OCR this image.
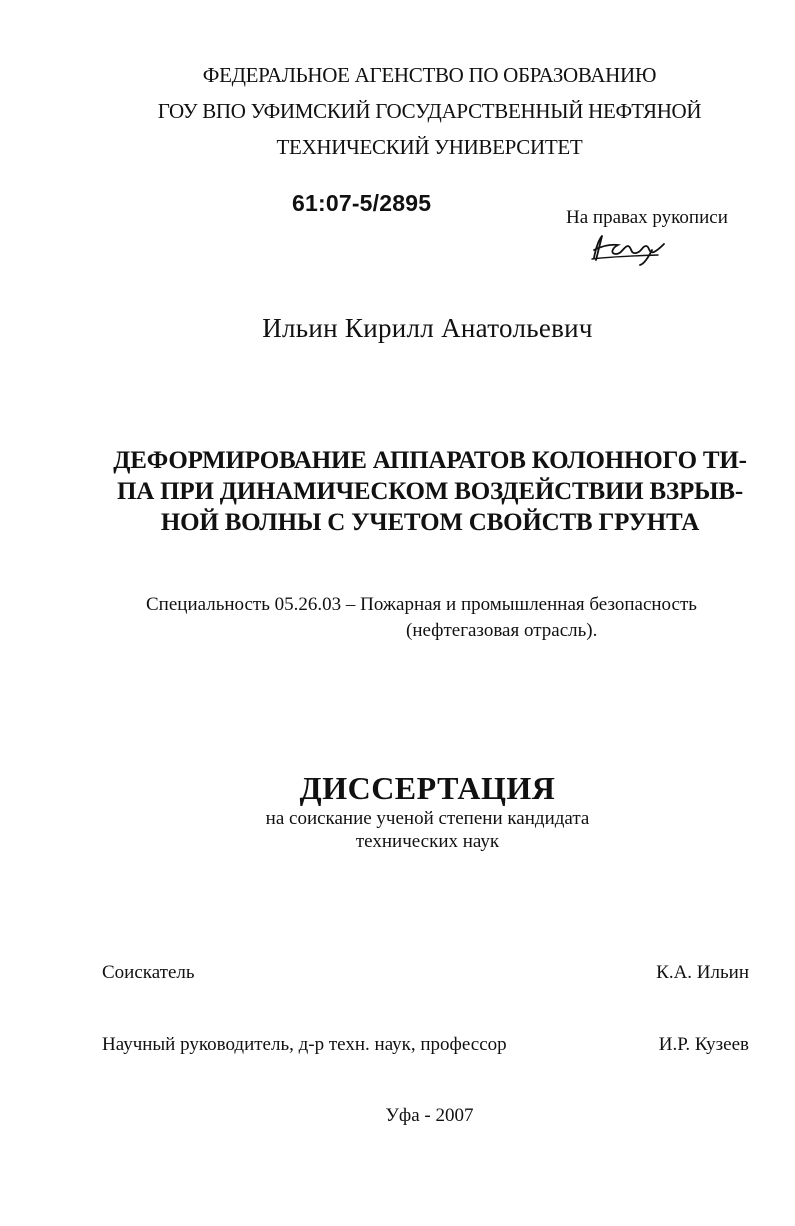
ФЕДЕРАЛЬНОЕ АГЕНСТВО ПО ОБРАЗОВАНИЮ
ГОУ ВПО УФИМСКИЙ ГОСУДАРСТВЕННЫЙ НЕФТЯНОЙ
ТЕХНИЧЕСКИЙ УНИВЕРСИТЕТ
61:07-5/2895
На правах рукописи
Ильин Кирилл Анатольевич
ДЕФОРМИРОВАНИЕ АППАРАТОВ КОЛОННОГО ТИ-
ПА ПРИ ДИНАМИЧЕСКОМ ВОЗДЕЙСТВИИ ВЗРЫВ-
НОЙ ВОЛНЫ С УЧЕТОМ СВОЙСТВ ГРУНТА
Специальность 05.26.03 – Пожарная и промышленная безопасность
(нефтегазовая отрасль).
ДИССЕРТАЦИЯ
на соискание ученой степени кандидата
технических наук
Соискатель	К.А. Ильин
Научный руководитель, д-р техн. наук, профессор	И.Р. Кузеев
Уфа - 2007
